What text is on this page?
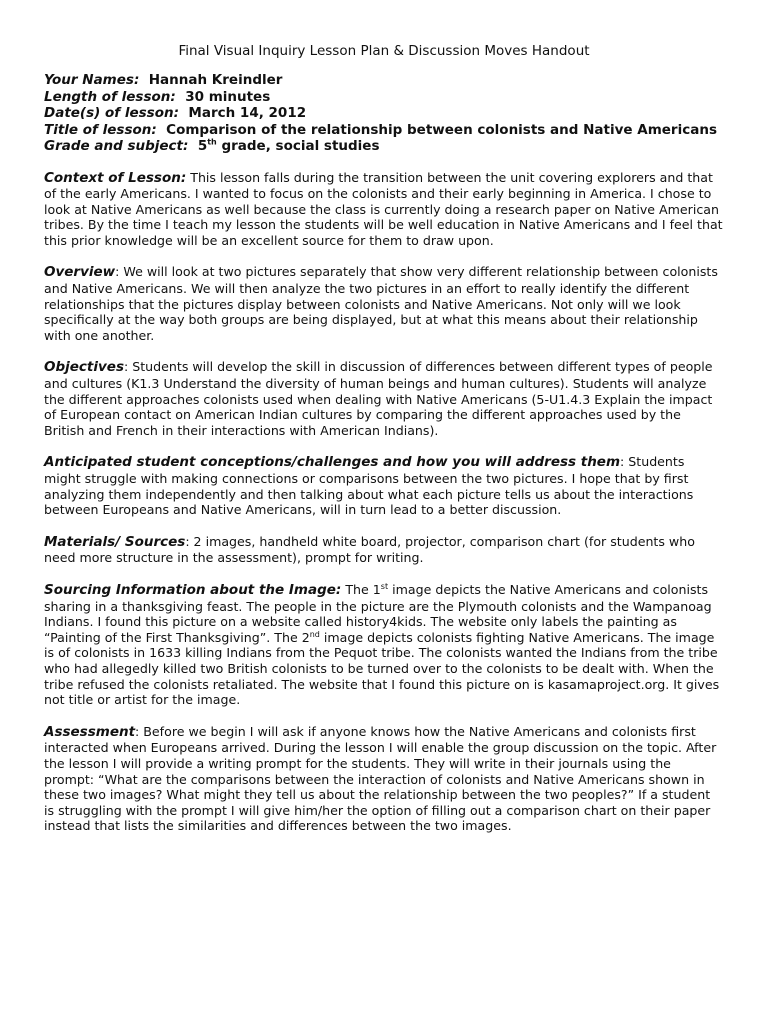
Final Visual Inquiry Lesson Plan & Discussion Moves Handout
Your Names: Hannah Kreindler
Length of lesson: 30 minutes
Date(s) of lesson: March 14, 2012
Title of lesson: Comparison of the relationship between colonists and Native Americans
Grade and subject: 5th grade, social studies

Context of Lesson: This lesson falls during the transition between the unit covering explorers and that of the early Americans. I wanted to focus on the colonists and their early beginning in America. I chose to look at Native Americans as well because the class is currently doing a research paper on Native American tribes. By the time I teach my lesson the students will be well education in Native Americans and I feel that this prior knowledge will be an excellent source for them to draw upon.

Overview: We will look at two pictures separately that show very different relationship between colonists and Native Americans. We will then analyze the two pictures in an effort to really identify the different relationships that the pictures display between colonists and Native Americans. Not only will we look specifically at the way both groups are being displayed, but at what this means about their relationship with one another.

Objectives: Students will develop the skill in discussion of differences between different types of people and cultures (K1.3 Understand the diversity of human beings and human cultures). Students will analyze the different approaches colonists used when dealing with Native Americans (5-U1.4.3 Explain the impact of European contact on American Indian cultures by comparing the different approaches used by the British and French in their interactions with American Indians).

Anticipated student conceptions/challenges and how you will address them: Students might struggle with making connections or comparisons between the two pictures. I hope that by first analyzing them independently and then talking about what each picture tells us about the interactions between Europeans and Native Americans, will in turn lead to a better discussion.

Materials/ Sources: 2 images, handheld white board, projector, comparison chart (for students who need more structure in the assessment), prompt for writing.

Sourcing Information about the Image: The 1st image depicts the Native Americans and colonists sharing in a thanksgiving feast. The people in the picture are the Plymouth colonists and the Wampanoag Indians. I found this picture on a website called history4kids. The website only labels the painting as “Painting of the First Thanksgiving”. The 2nd image depicts colonists fighting Native Americans. The image is of colonists in 1633 killing Indians from the Pequot tribe. The colonists wanted the Indians from the tribe who had allegedly killed two British colonists to be turned over to the colonists to be dealt with. When the tribe refused the colonists retaliated. The website that I found this picture on is kasamaproject.org. It gives not title or artist for the image.

Assessment: Before we begin I will ask if anyone knows how the Native Americans and colonists first interacted when Europeans arrived. During the lesson I will enable the group discussion on the topic. After the lesson I will provide a writing prompt for the students. They will write in their journals using the prompt: “What are the comparisons between the interaction of colonists and Native Americans shown in these two images? What might they tell us about the relationship between the two peoples?” If a student is struggling with the prompt I will give him/her the option of filling out a comparison chart on their paper instead that lists the similarities and differences between the two images.
